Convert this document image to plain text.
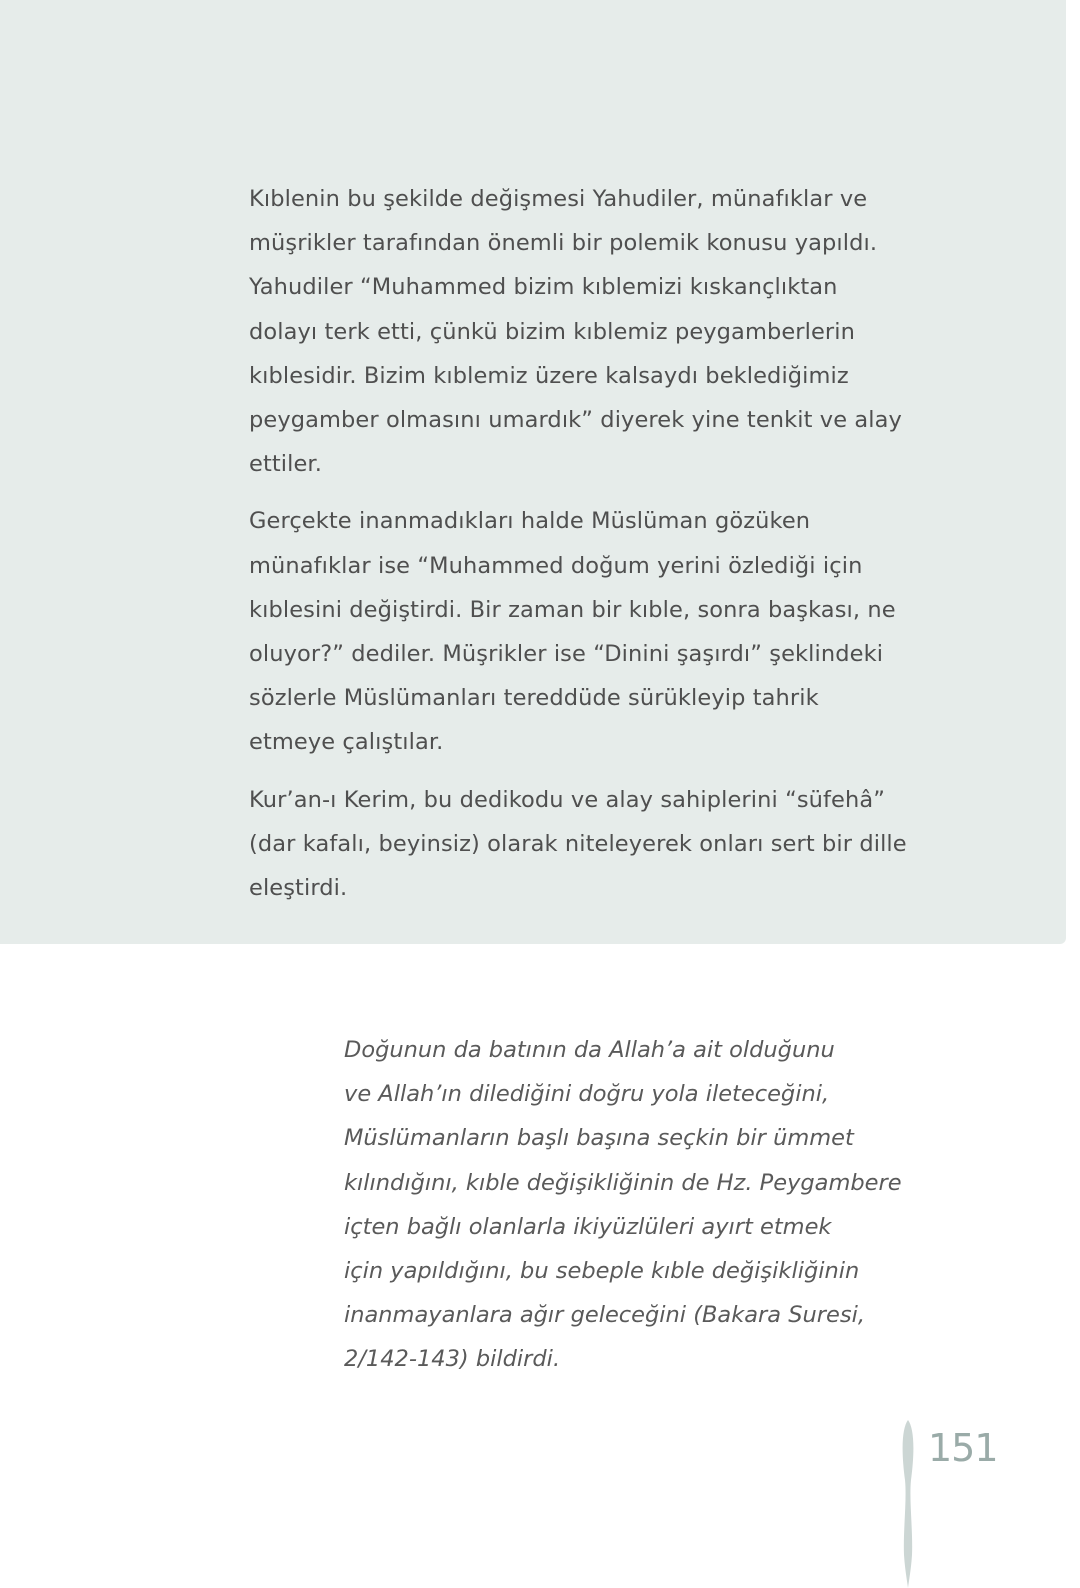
Kıblenin bu şekilde değişmesi Yahudiler, münafıklar ve müşrikler tarafından önemli bir polemik konusu yapıldı. Yahudiler “Muhammed bizim kıblemizi kıskançlıktan dolayı terk etti, çünkü bizim kıblemiz peygamberlerin kıblesidir. Bizim kıblemiz üzere kalsaydı beklediğimiz peygamber olmasını umardık” diyerek yine tenkit ve alay ettiler.

Gerçekte inanmadıkları halde Müslüman gözüken münafıklar ise “Muhammed doğum yerini özlediği için kıblesini değiştirdi. Bir zaman bir kıble, sonra başkası, ne oluyor?” dediler. Müşrikler ise “Dinini şaşırdı” şeklindeki sözlerle Müslümanları tereddüde sürükleyip tahrik etmeye çalıştılar.

Kur’an-ı Kerim, bu dedikodu ve alay sahiplerini “süfehâ” (dar kafalı, beyinsiz) olarak niteleyerek onları sert bir dille eleştirdi.

Doğunun da batının da Allah’a ait olduğunu

ve Allah’ın dilediğini doğru yola ileteceğini,

Müslümanların başlı başına seçkin bir ümmet

kılındığını, kıble değişikliğinin de Hz. Peygambere

içten bağlı olanlarla ikiyüzlüleri ayırt etmek

için yapıldığını, bu sebeple kıble değişikliğinin

inanmayanlara ağır geleceğini (Bakara Suresi,

2/142-143) bildirdi.

151
